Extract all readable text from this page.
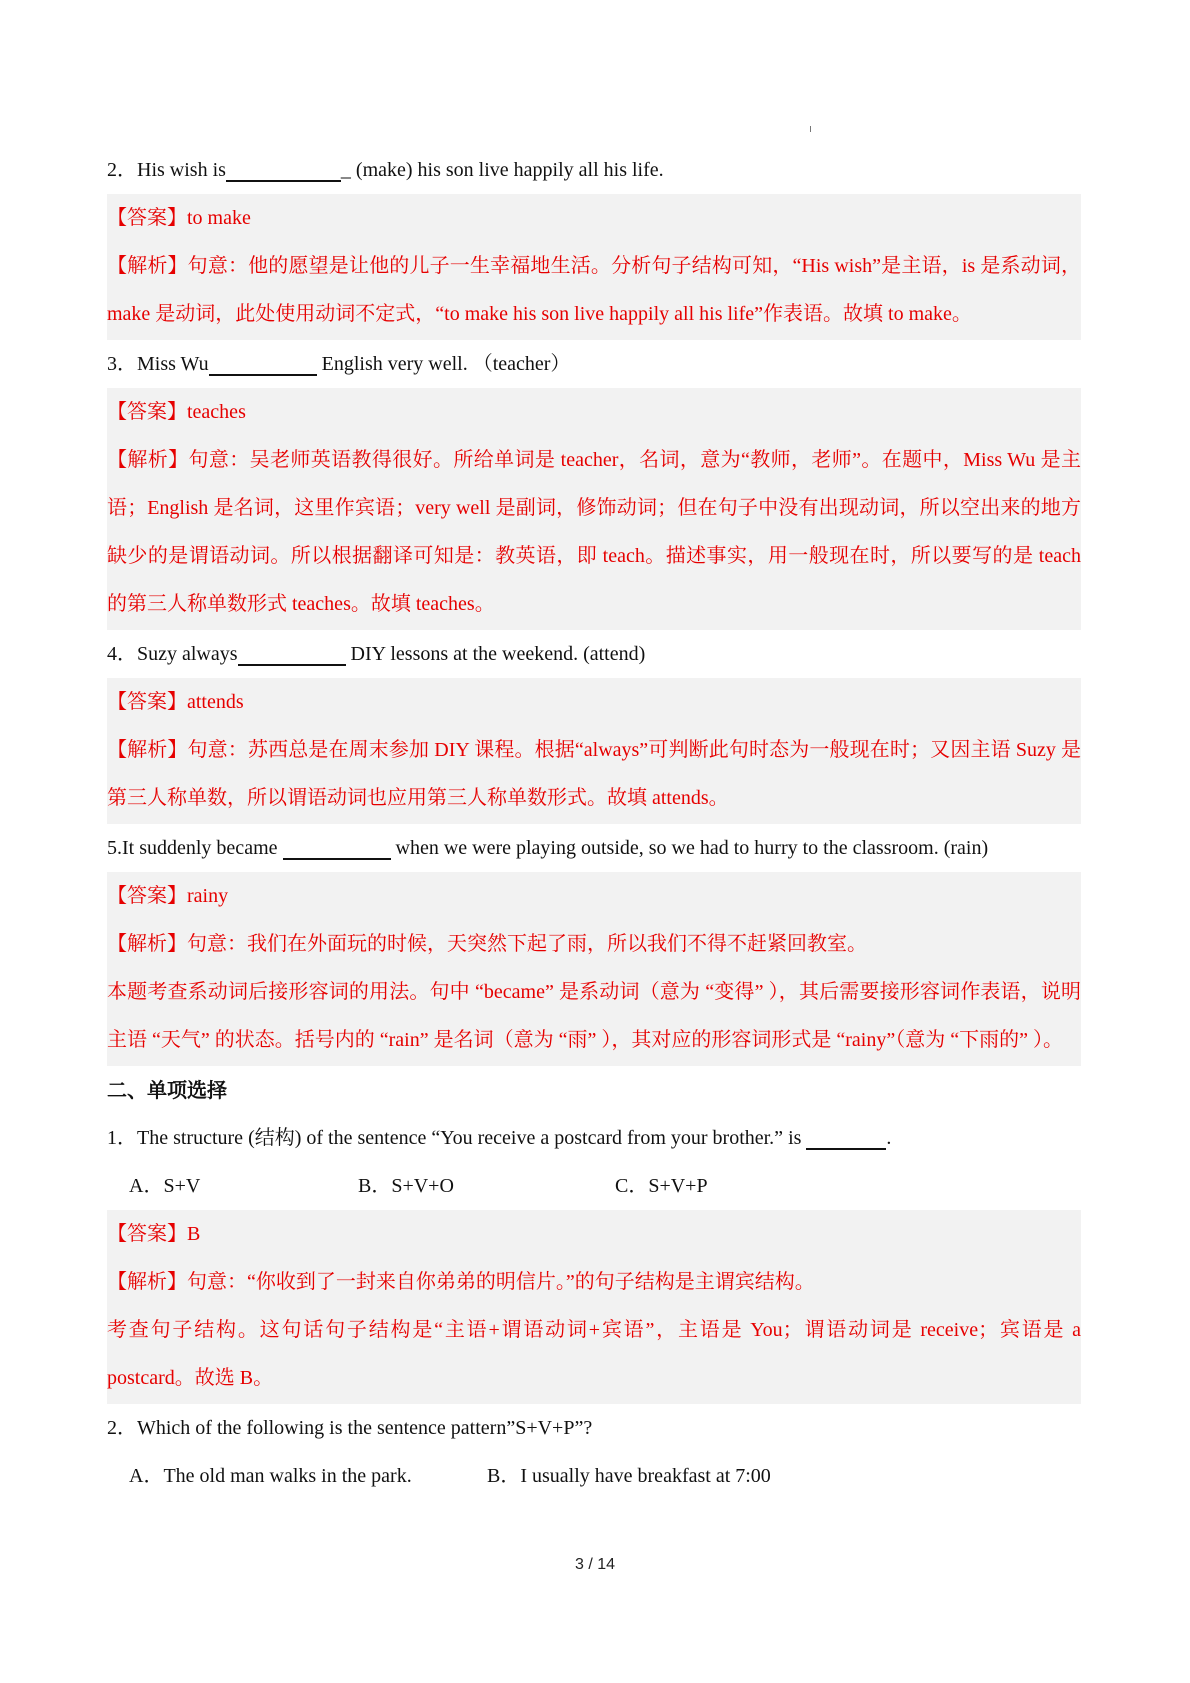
2．His wish is	_ (make) his son live happily all his life.
【答案】to make
【解析】句意：他的愿望是让他的儿子一生幸福地生活。分析句子结构可知，“His wish”是主语，is 是系动词，make 是动词，此处使用动词不定式，“to make his son live happily all his life”作表语。故填 to make。
3．Miss Wu	English very well. （teacher）
【答案】teaches
【解析】句意：吴老师英语教得很好。所给单词是 teacher，名词，意为“教师，老师”。在题中，Miss Wu 是主语；English 是名词，这里作宾语；very well 是副词，修饰动词；但在句子中没有出现动词，所以空出来的地方缺少的是谓语动词。所以根据翻译可知是：教英语，即 teach。描述事实，用一般现在时，所以要写的是 teach 的第三人称单数形式 teaches。故填 teaches。
4．Suzy always	DIY lessons at the weekend. (attend)
【答案】attends
【解析】句意：苏西总是在周末参加 DIY 课程。根据“always”可判断此句时态为一般现在时；又因主语 Suzy 是第三人称单数，所以谓语动词也应用第三人称单数形式。故填 attends。
5.It suddenly became	when we were playing outside, so we had to hurry to the classroom. (rain)
【答案】rainy
【解析】句意：我们在外面玩的时候，天突然下起了雨，所以我们不得不赶紧回教室。
本题考查系动词后接形容词的用法。句中 “became” 是系动词（意为 “变得” ），其后需要接形容词作表语，说明主语 “天气” 的状态。括号内的 “rain” 是名词（意为 “雨” ），其对应的形容词形式是 “rainy”（意为 “下雨的” ）。
二、单项选择
1．The structure (结构) of the sentence “You receive a postcard from your brother.” is	.
A．S+V	B．S+V+O	C．S+V+P
【答案】B
【解析】句意：“你收到了一封来自你弟弟的明信片。”的句子结构是主谓宾结构。
考查句子结构。这句话句子结构是“主语+谓语动词+宾语”，主语是 You；谓语动词是 receive；宾语是 a postcard。故选 B。
2．Which of the following is the sentence pattern”S+V+P”?
A．The old man walks in the park.	B．I usually have breakfast at 7:00
3 / 14
